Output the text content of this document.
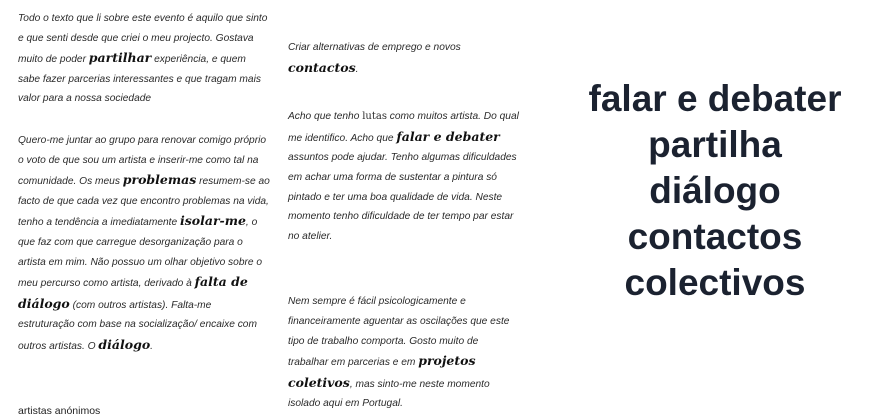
Todo o texto que li sobre este evento é aquilo que sinto e que senti desde que criei o meu projecto. Gostava muito de poder partilhar experiência, e quem sabe fazer parcerias interessantes e que tragam mais valor para a nossa sociedade

Quero-me juntar ao grupo para renovar comigo próprio o voto de que sou um artista e inserir-me como tal na comunidade. Os meus problemas resumem-se ao facto de que cada vez que encontro problemas na vida, tenho a tendência a imediatamente isolar-me, o que faz com que carregue desorganização para o artista em mim. Não possuo um olhar objetivo sobre o meu percurso como artista, derivado à falta de diálogo (com outros artistas). Falta-me estruturação com base na socialização/ encaixe com outros artistas. O diálogo.

Criar alternativas de emprego e novos contactos.

Acho que tenho lutas como muitos artista. Do qual me identifico. Acho que falar e debater assuntos pode ajudar. Tenho algumas dificuldades em achar uma forma de sustentar a pintura só pintado e ter uma boa qualidade de vida. Neste momento tenho dificuldade de ter tempo par estar no atelier.

Nem sempre é fácil psicologicamente e financeiramente aguentar as oscilações que este tipo de trabalho comporta. Gosto muito de trabalhar em parcerias e em projetos coletivos, mas sinto-me neste momento isolado aqui em Portugal.

falar e debater
partilha
diálogo
contactos
colectivos
artistas anónimos
